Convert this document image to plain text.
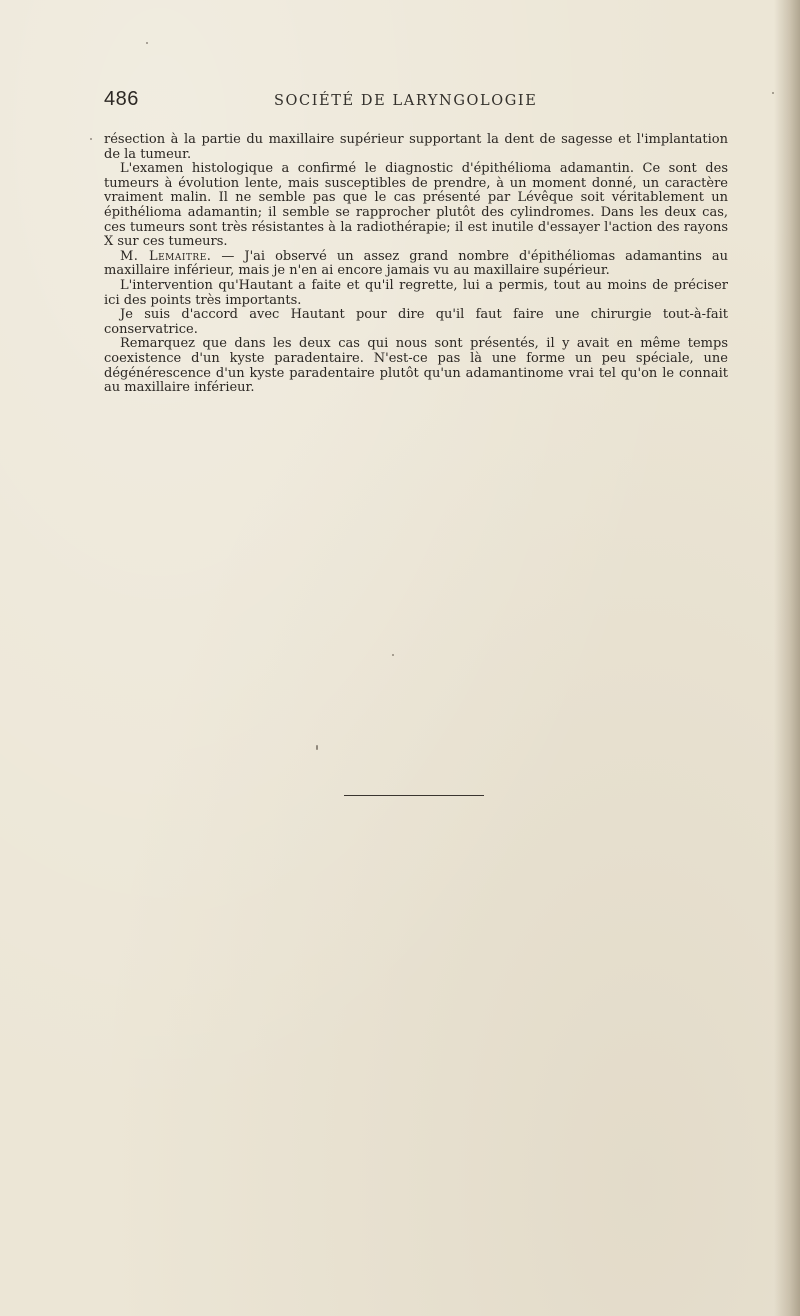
486	SOCIÉTÉ DE LARYNGOLOGIE

résection à la partie du maxillaire supérieur supportant la dent de sagesse et l'implantation de la tumeur.

L'examen histologique a confirmé le diagnostic d'épithélioma adamantin. Ce sont des tumeurs à évolution lente, mais susceptibles de prendre, à un moment donné, un caractère vraiment malin. Il ne semble pas que le cas présenté par Lévêque soit véritablement un épithélioma adamantin; il semble se rapprocher plutôt des cylindromes. Dans les deux cas, ces tumeurs sont très résistantes à la radiothérapie; il est inutile d'essayer l'action des rayons X sur ces tumeurs.

M. Lemaitre. — J'ai observé un assez grand nombre d'épithéliomas adamantins au maxillaire inférieur, mais je n'en ai encore jamais vu au maxillaire supérieur.

L'intervention qu'Hautant a faite et qu'il regrette, lui a permis, tout au moins de préciser ici des points très importants.

Je suis d'accord avec Hautant pour dire qu'il faut faire une chirurgie tout-à-fait conservatrice.

Remarquez que dans les deux cas qui nous sont présentés, il y avait en même temps coexistence d'un kyste paradentaire. N'est-ce pas là une forme un peu spéciale, une dégénérescence d'un kyste paradentaire plutôt qu'un adamantinome vrai tel qu'on le connait au maxillaire inférieur.
